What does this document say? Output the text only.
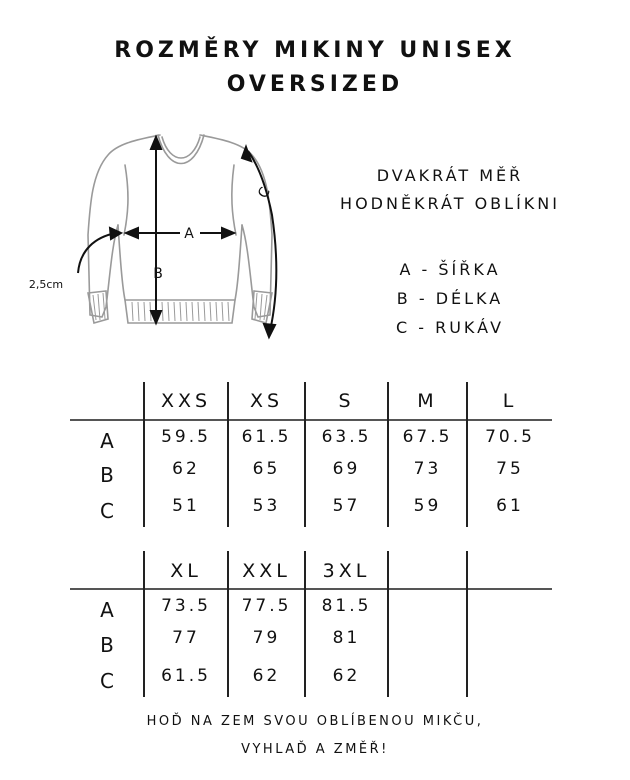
ROZMĚRY MIKINY UNISEX
OVERSIZED
A
B
C
2,5cm
DVAKRÁT MĚŘ
HODNĚKRÁT OBLÍKNI
A - ŠÍŘKA
B - DÉLKA
C - RUKÁV
XXS	XS	S	M	L
A
B
C
59.5	61.5	63.5	67.5	70.5
62	65	69	73	75
51	53	57	59	61
XL	XXL	3XL
A
B
C
73.5	77.5	81.5
77	79	81
61.5	62	62
HOĎ NA ZEM SVOU OBLÍBENOU MIKČU,
VYHLAĎ A ZMĚŘ!
